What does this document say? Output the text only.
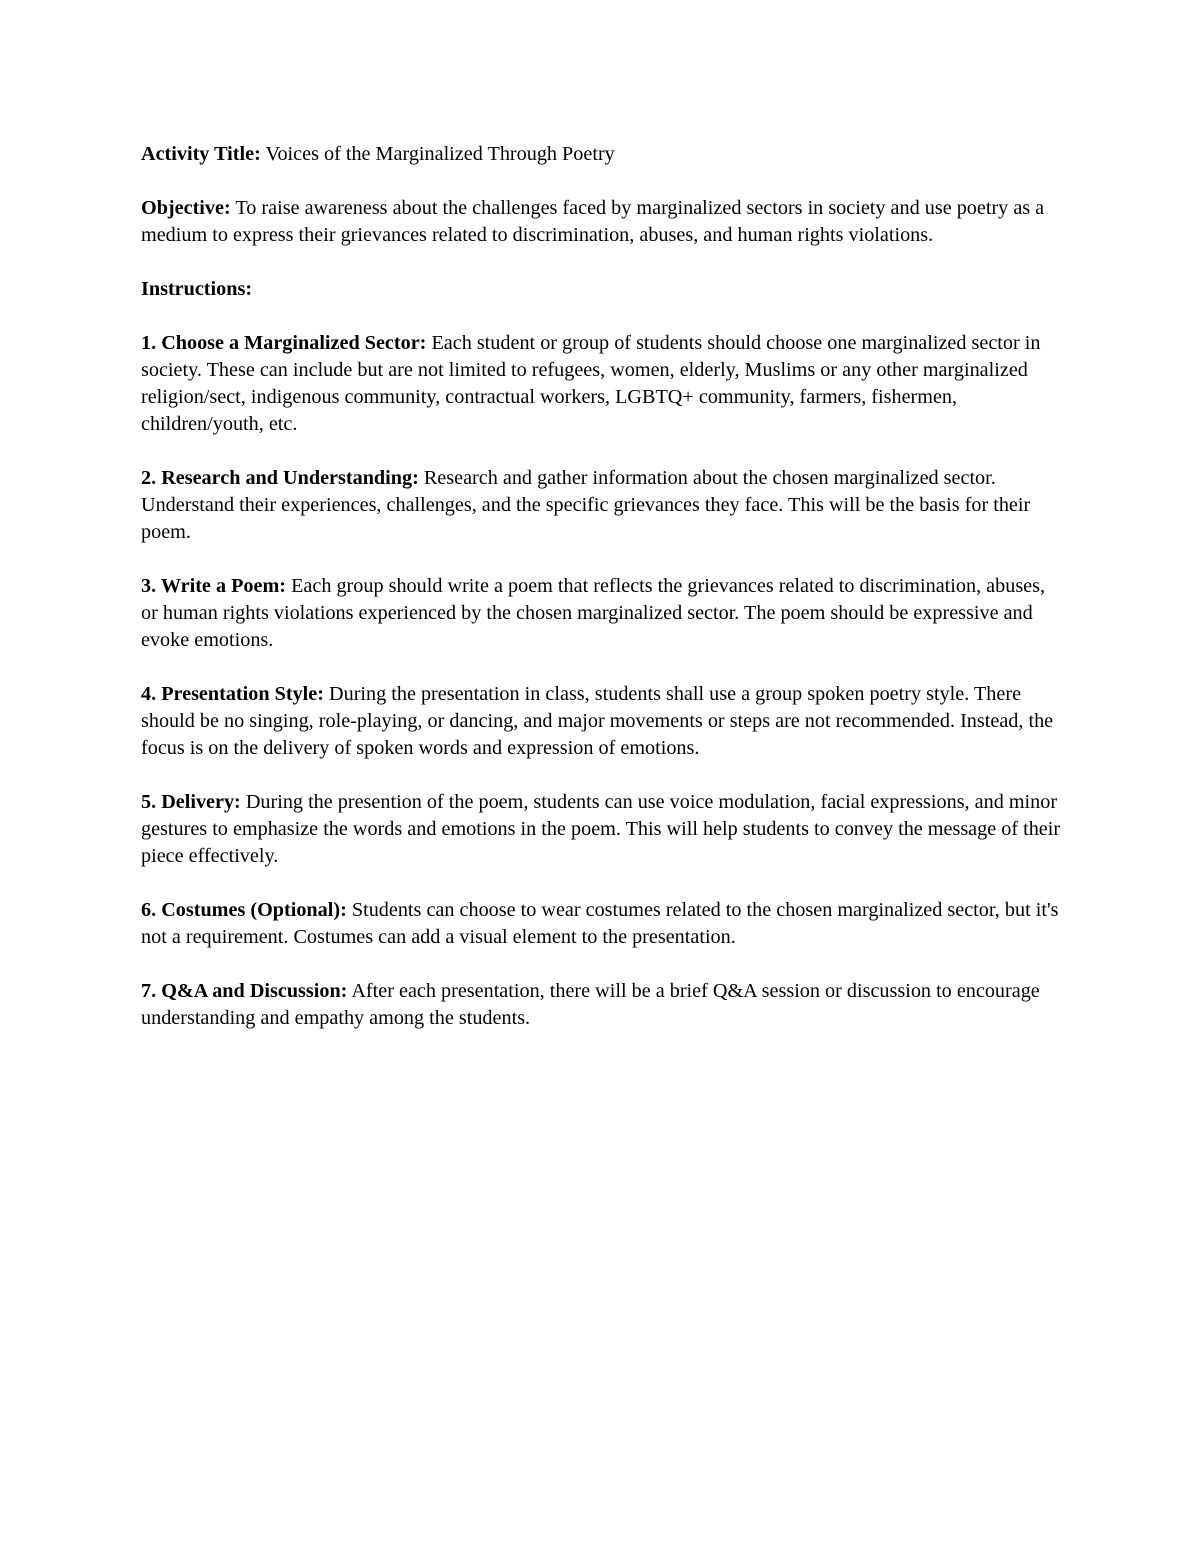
Activity Title: Voices of the Marginalized Through Poetry

Objective: To raise awareness about the challenges faced by marginalized sectors in society and use poetry as a medium to express their grievances related to discrimination, abuses, and human rights violations.

Instructions:

1. Choose a Marginalized Sector: Each student or group of students should choose one marginalized sector in society. These can include but are not limited to refugees, women, elderly, Muslims or any other marginalized religion/sect, indigenous community, contractual workers, LGBTQ+ community, farmers, fishermen, children/youth, etc.

2. Research and Understanding: Research and gather information about the chosen marginalized sector. Understand their experiences, challenges, and the specific grievances they face. This will be the basis for their poem.

3. Write a Poem: Each group should write a poem that reflects the grievances related to discrimination, abuses, or human rights violations experienced by the chosen marginalized sector. The poem should be expressive and evoke emotions.

4. Presentation Style: During the presentation in class, students shall use a group spoken poetry style. There should be no singing, role-playing, or dancing, and major movements or steps are not recommended. Instead, the focus is on the delivery of spoken words and expression of emotions.

5. Delivery: During the presention of the poem, students can use voice modulation, facial expressions, and minor gestures to emphasize the words and emotions in the poem. This will help students to convey the message of their piece effectively.

6. Costumes (Optional): Students can choose to wear costumes related to the chosen marginalized sector, but it's not a requirement. Costumes can add a visual element to the presentation.

7. Q&A and Discussion: After each presentation, there will be a brief Q&A session or discussion to encourage understanding and empathy among the students.
